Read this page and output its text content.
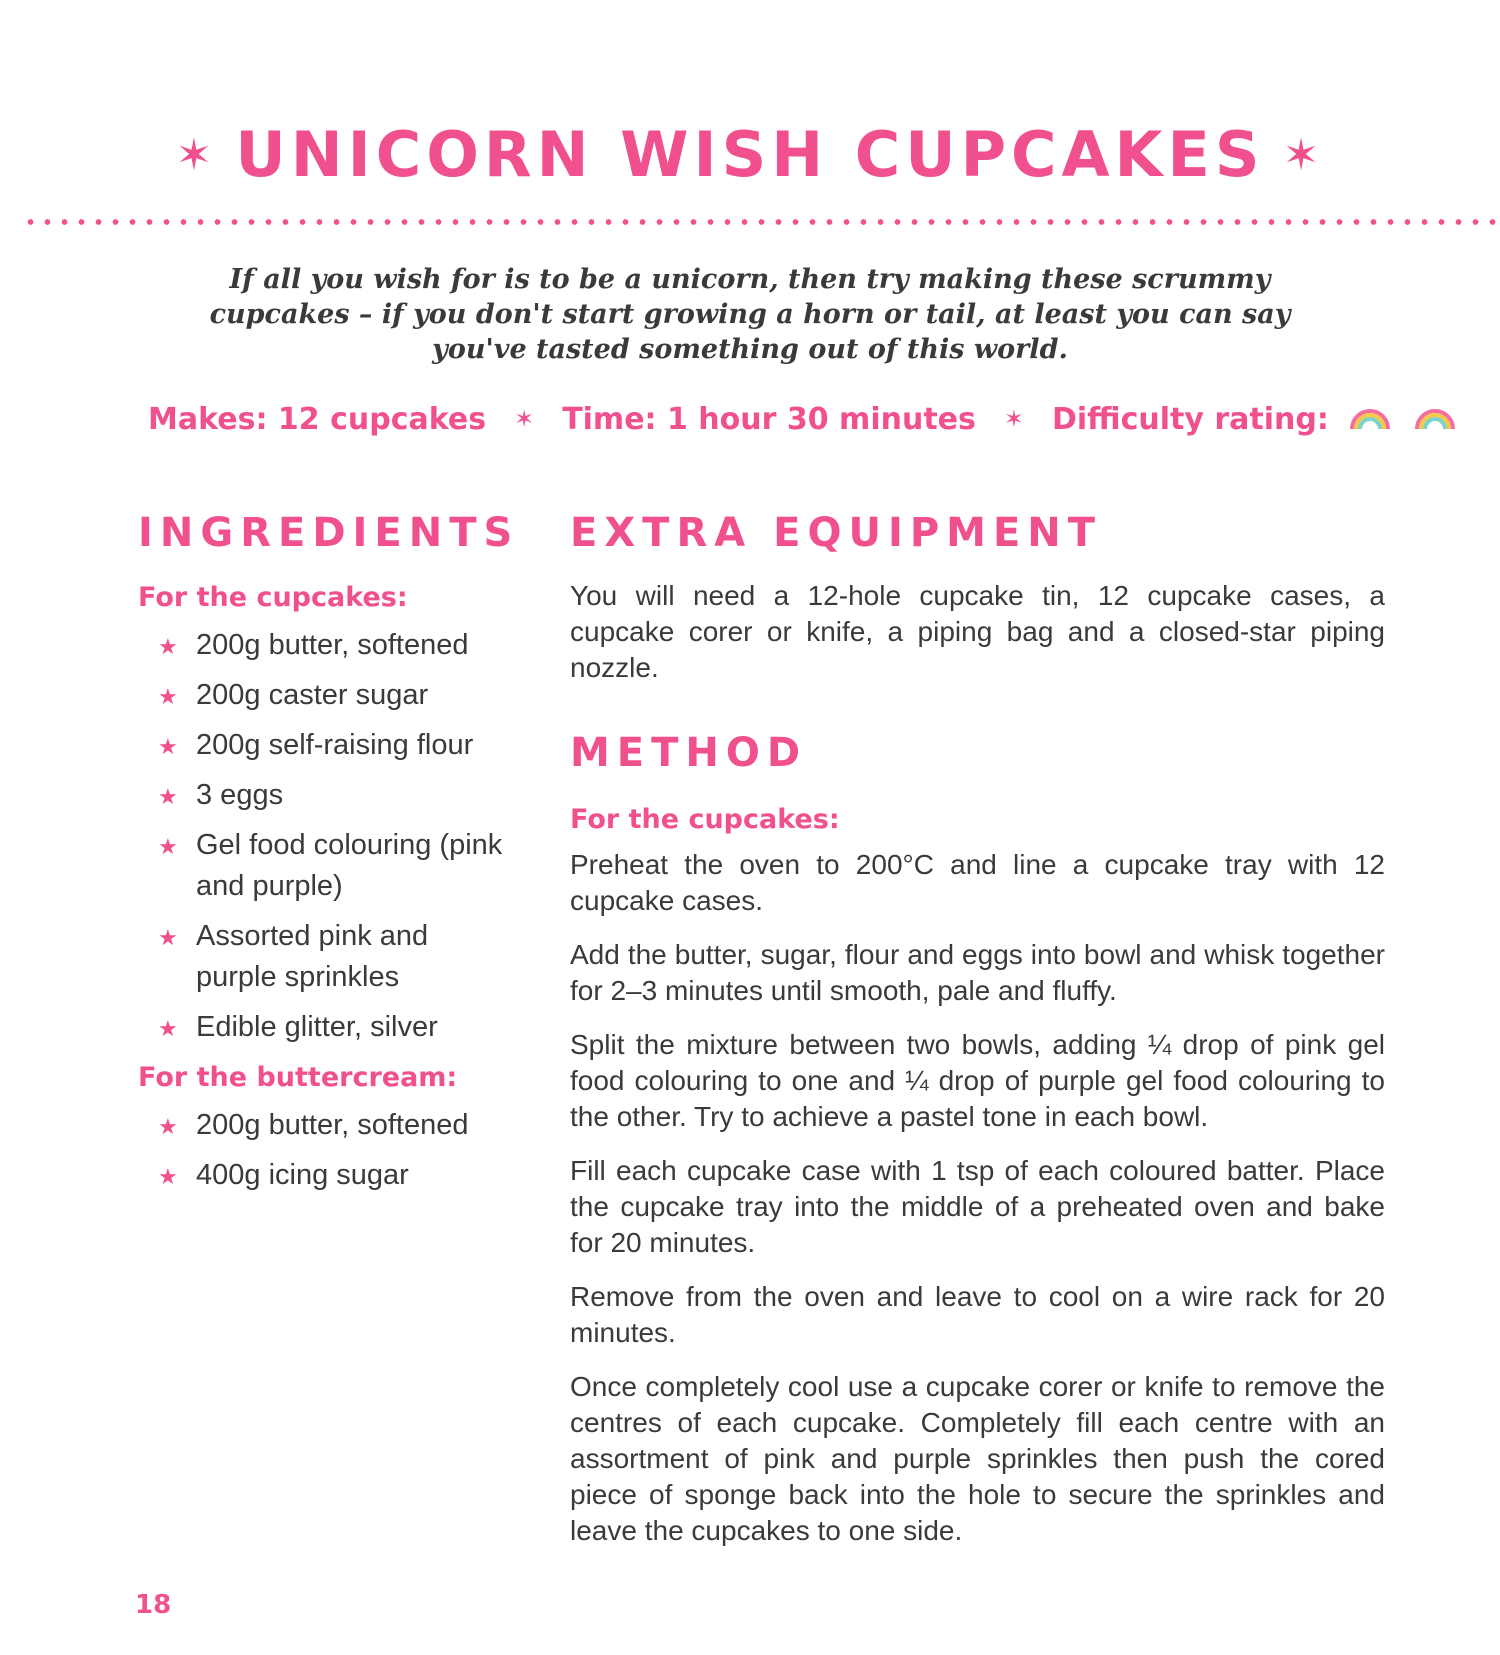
✶ UNICORN WISH CUPCAKES ✶
If all you wish for is to be a unicorn, then try making these scrummy cupcakes – if you don't start growing a horn or tail, at least you can say you've tasted something out of this world.
Makes: 12 cupcakes ✶ Time: 1 hour 30 minutes ✶ Difficulty rating:
INGREDIENTS
For the cupcakes:
★ 200g butter, softened
★ 200g caster sugar
★ 200g self-raising flour
★ 3 eggs
★ Gel food colouring (pink and purple)
★ Assorted pink and purple sprinkles
★ Edible glitter, silver
For the buttercream:
★ 200g butter, softened
★ 400g icing sugar
EXTRA EQUIPMENT

You will need a 12-hole cupcake tin, 12 cupcake cases, a cupcake corer or knife, a piping bag and a closed-star piping nozzle.

METHOD
For the cupcakes:

Preheat the oven to 200°C and line a cupcake tray with 12 cupcake cases.

Add the butter, sugar, flour and eggs into bowl and whisk together for 2–3 minutes until smooth, pale and fluffy.

Split the mixture between two bowls, adding ¼ drop of pink gel food colouring to one and ¼ drop of purple gel food colouring to the other. Try to achieve a pastel tone in each bowl.

Fill each cupcake case with 1 tsp of each coloured batter. Place the cupcake tray into the middle of a preheated oven and bake for 20 minutes.

Remove from the oven and leave to cool on a wire rack for 20 minutes.

Once completely cool use a cupcake corer or knife to remove the centres of each cupcake. Completely fill each centre with an assortment of pink and purple sprinkles then push the cored piece of sponge back into the hole to secure the sprinkles and leave the cupcakes to one side.

18
